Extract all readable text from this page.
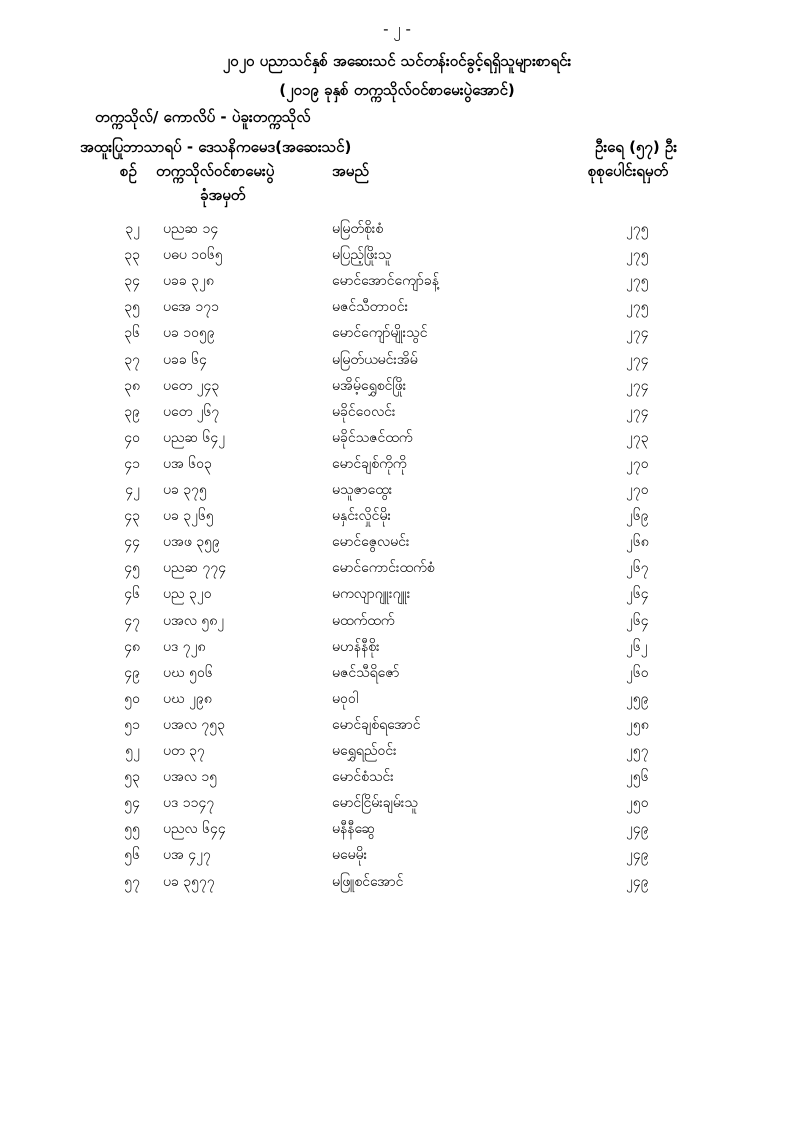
- ၂ -
၂၀၂၀ ပညာသင်နှစ် အဆေးသင် သင်တန်းဝင်ခွင့်ရရှိသူများစာရင်း
(၂၀၁၉ ခုနှစ် တက္ကသိုလ်ဝင်စာမေးပွဲအောင်)
တက္ကသိုလ်/ ကောလိပ် - ပဲခူးတက္ကသိုလ်
အထူးပြုဘာသာရပ် - ဒေသနိကမေဒ(အဆေးသင်)	ဦးရေ (၅၇) ဦး
စဉ် တက္ကသိုလ်ဝင်စာမေးပွဲ
ခုံအမှတ်
အမည်	စုစုပေါင်းရမှတ်
၃၂ ပညဆ ၁၄	မမြတ်စိုးစံ	၂၇၅
၃၃ ပဓပ ၁၀၆၅	မပြည့်ဖြိုးသူ	၂၇၅
၃၄ ပခခ ၃၂၈	မောင်အောင်ကျော်ခန့်	၂၇၅
၃၅ ပအေ ၁၇၁	မဇင်သီတာဝင်း	၂၇၅
၃၆ ပခ ၁၀၅၉	မောင်ကျော်မျိုးသွင်	၂၇၄
၃၇ ပခခ ၆၄	မမြတ်ယမင်းအိမ်	၂၇၄
၃၈ ပတေ ၂၄၃	မအိမ့်ရွှေစင်ဖြိုး	၂၇၄
၃၉ ပတေ ၂၆၇	မခိုင်ဝေလင်း	၂၇၄
၄၀ ပညဆ ၆၄၂	မခိုင်သဇင်ထက်	၂၇၃
၄၁ ပအ ၆၀၃	မောင်ချစ်ကိုကို	၂၇၀
၄၂ ပခ ၃၇၅	မသူဇာထွေး	၂၇၀
၄၃ ပခ ၃၂၆၅	မနှင်းလှိုင်မိုး	၂၆၉
၄၄ ပအဖ ၃၅၉	မောင်ဇွေလမင်း	၂၆၈
၄၅ ပညဆ ၇၇၄	မောင်ကောင်းထက်စံ	၂၆၇
၄၆ ပည ၃၂၀	မကလျာဂျူးဂျူး	၂၆၄
၄၇ ပအလ ၅၈၂	မထက်ထက်	၂၆၄
၄၈ ပဒ ၇၂၈	မဟန်နီစိုး	၂၆၂
၄၉ ပဃ ၅၀၆	မဇင်သီရိဇော်	၂၆၀
၅၀ ပဃ ၂၉၈	မဝုဝါ	၂၅၉
၅၁ ပအလ ၇၅၃	မောင်ချစ်ရအောင်	၂၅၈
၅၂ ပတ ၃၇	မရွှေရည်ဝင်း	၂၅၇
၅၃ ပအလ ၁၅	မောင်စံသင်း	၂၅၆
၅၄ ပဒ ၁၁၄၇	မောင်ငြိမ်းချမ်းသူ	၂၅၀
၅၅ ပညလ ၆၄၄	မနီနီဆွေ	၂၄၉
၅၆ ပအ ၄၂၇	မမေမိုး	၂၄၉
၅၇ ပခ ၃၅၇၇	မဖြူစင်အောင်	၂၄၉
